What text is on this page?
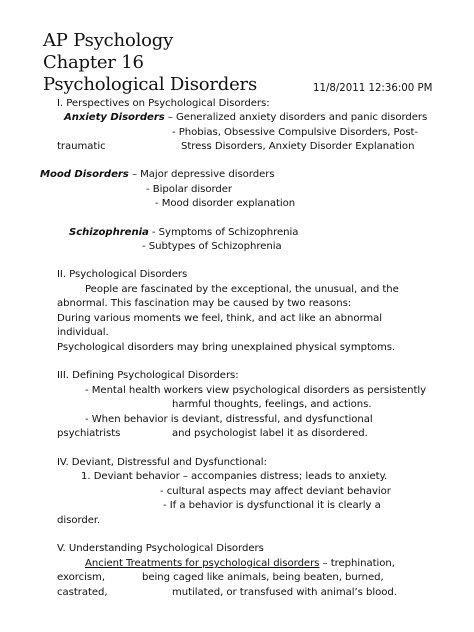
AP Psychology
Chapter 16
Psychological Disorders	11/8/2011 12:36:00 PM
I. Perspectives on Psychological Disorders:
Anxiety Disorders – Generalized anxiety disorders and panic disorders
- Phobias, Obsessive Compulsive Disorders, Post-
traumatic	Stress Disorders, Anxiety Disorder Explanation
Mood Disorders – Major depressive disorders
- Bipolar disorder
- Mood disorder explanation
Schizophrenia - Symptoms of Schizophrenia
- Subtypes of Schizophrenia
II. Psychological Disorders
People are fascinated by the exceptional, the unusual, and the
abnormal. This fascination may be caused by two reasons:
During various moments we feel, think, and act like an abnormal
individual.
Psychological disorders may bring unexplained physical symptoms.
III. Defining Psychological Disorders:
- Mental health workers view psychological disorders as persistently
harmful thoughts, feelings, and actions.
- When behavior is deviant, distressful, and dysfunctional
psychiatrists	and psychologist label it as disordered.
IV. Deviant, Distressful and Dysfunctional:
1. Deviant behavior – accompanies distress; leads to anxiety.
- cultural aspects may affect deviant behavior
- If a behavior is dysfunctional it is clearly a
disorder.
V. Understanding Psychological Disorders
Ancient Treatments for psychological disorders – trephination,
exorcism,	being caged like animals, being beaten, burned,
castrated,	mutilated, or transfused with animal’s blood.
